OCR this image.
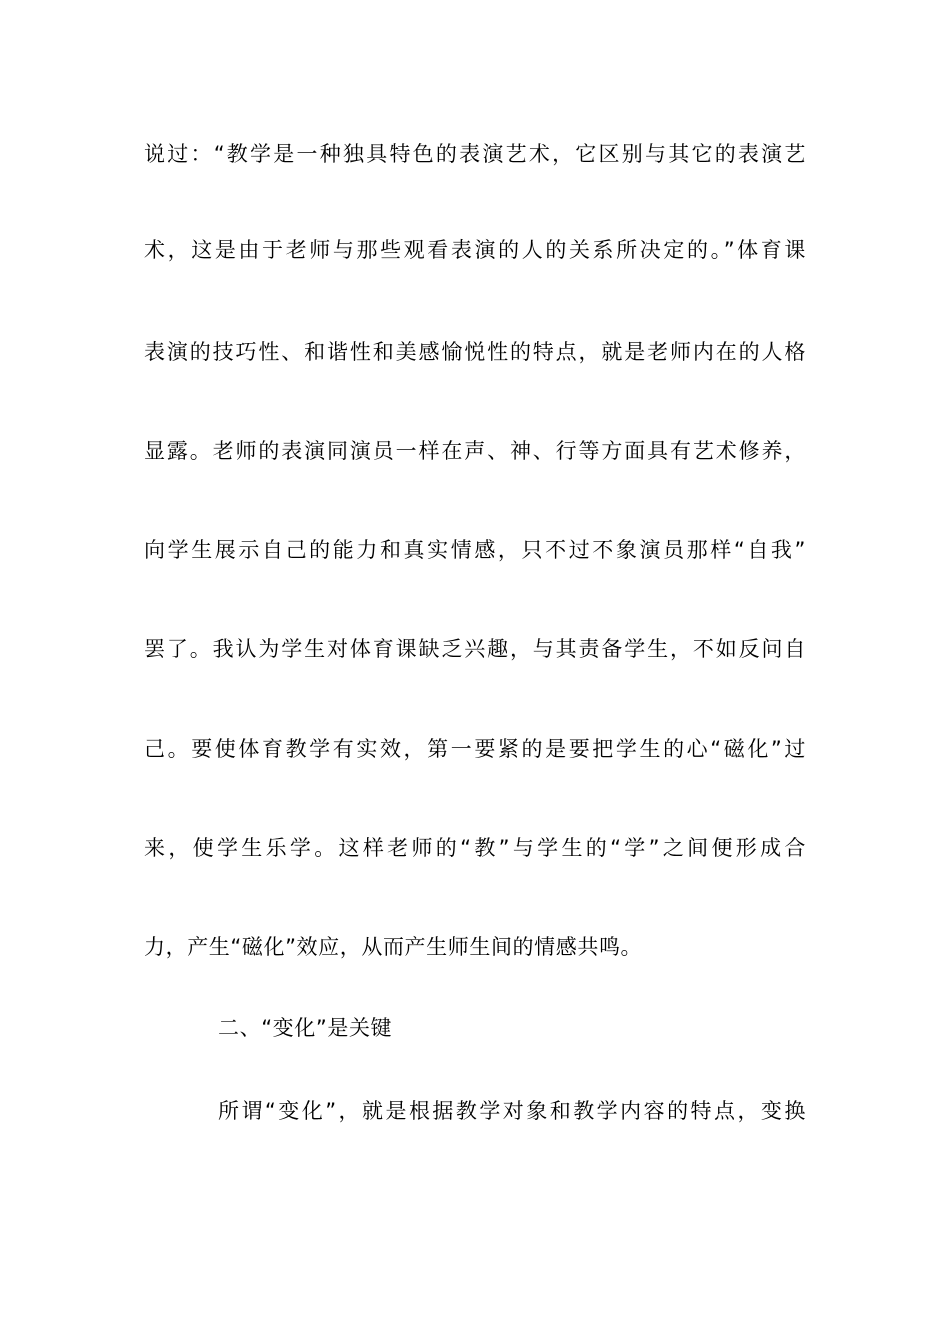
说过：“教学是一种独具特色的表演艺术，它区别与其它的表演艺
术，这是由于老师与那些观看表演的人的关系所决定的。”体育课
表演的技巧性、和谐性和美感愉悦性的特点，就是老师内在的人格
显露。老师的表演同演员一样在声、神、行等方面具有艺术修养，
向学生展示自己的能力和真实情感，只不过不象演员那样“自我”
罢了。我认为学生对体育课缺乏兴趣，与其责备学生，不如反问自
己。要使体育教学有实效，第一要紧的是要把学生的心“磁化”过
来，使学生乐学。这样老师的“教”与学生的“学”之间便形成合
力，产生“磁化”效应，从而产生师生间的情感共鸣。
二、“变化”是关键
所谓“变化”，就是根据教学对象和教学内容的特点，变换
